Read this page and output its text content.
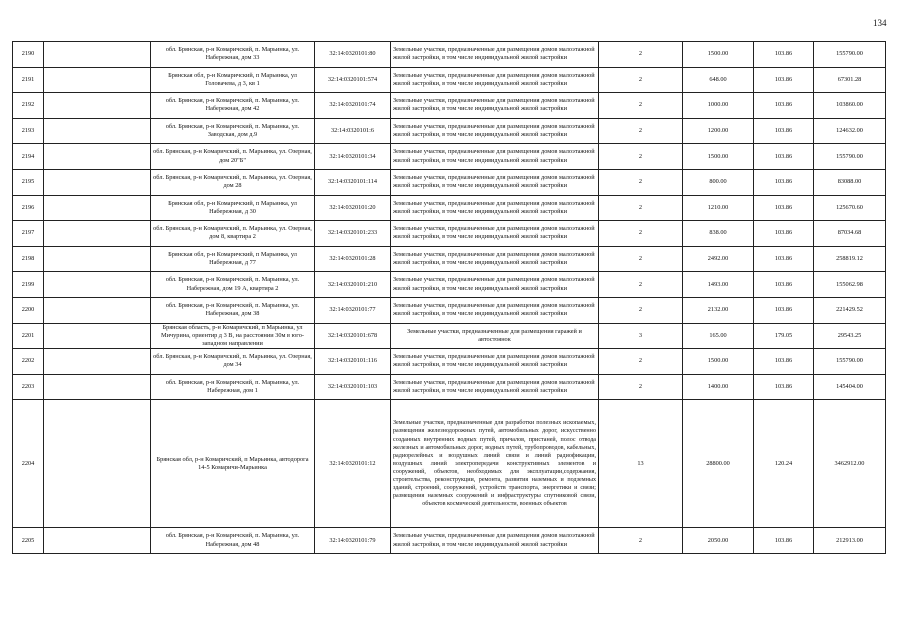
134
2190		обл. Брянская, р-н Комаричский, п. Марьинка, ул. Набережная, дом 33	32:14:0320101:80	Земельные участки, предназначенные для размещения домов малоэтажной жилой застройки, в том числе индивидуальной жилой застройки	2	1500.00	103.86	155790.00
2191		Брянская обл, р-н Комаричский, п Марьинка, ул Головачева, д 3, кв 1	32:14:0320101:574	Земельные участки, предназначенные для размещения домов малоэтажной жилой застройки, в том числе индивидуальной жилой застройки	2	648.00	103.86	67301.28
2192		обл. Брянская, р-н Комаричский, п. Марьинка, ул. Набережная, дом 42	32:14:0320101:74	Земельные участки, предназначенные для размещения домов малоэтажной жилой застройки, в том числе индивидуальной жилой застройки	2	1000.00	103.86	103860.00
2193		обл. Брянская, р-н Комаричский, п. Марьинка, ул. Заводская, дом д.9	32:14:0320101:6	Земельные участки, предназначенные для размещения домов малоэтажной жилой застройки, в том числе индивидуальной жилой застройки	2	1200.00	103.86	124632.00
2194		обл. Брянская, р-н Комаричский, п. Марьинка, ул. Озерная, дом 20"Б"	32:14:0320101:34	Земельные участки, предназначенные для размещения домов малоэтажной жилой застройки, в том числе индивидуальной жилой застройки	2	1500.00	103.86	155790.00
2195		обл. Брянская, р-н Комаричский, п. Марьинка, ул. Озерная, дом 28	32:14:0320101:114	Земельные участки, предназначенные для размещения домов малоэтажной жилой застройки, в том числе индивидуальной жилой застройки	2	800.00	103.86	83088.00
2196		Брянская обл, р-н Комаричский, п Марьинка, ул Набережная, д 30	32:14:0320101:20	Земельные участки, предназначенные для размещения домов малоэтажной жилой застройки, в том числе индивидуальной жилой застройки	2	1210.00	103.86	125670.60
2197		обл. Брянская, р-н Комаричский, п. Марьинка, ул. Озерная, дом 8, квартира 2	32:14:0320101:233	Земельные участки, предназначенные для размещения домов малоэтажной жилой застройки, в том числе индивидуальной жилой застройки	2	838.00	103.86	87034.68
2198		Брянская обл, р-н Комаричский, п Марьинка, ул Набережная, д 77	32:14:0320101:28	Земельные участки, предназначенные для размещения домов малоэтажной жилой застройки, в том числе индивидуальной жилой застройки	2	2492.00	103.86	258819.12
2199		обл. Брянская, р-н Комаричский, п. Марьинка, ул. Набережная, дом 19 А, квартира 2	32:14:0320101:210	Земельные участки, предназначенные для размещения домов малоэтажной жилой застройки, в том числе индивидуальной жилой застройки	2	1493.00	103.86	155062.98
2200		обл. Брянская, р-н Комаричский, п. Марьинка, ул. Набережная, дом 38	32:14:0320101:77	Земельные участки, предназначенные для размещения домов малоэтажной жилой застройки, в том числе индивидуальной жилой застройки	2	2132.00	103.86	221429.52
2201		Брянская область, р-н Комаричский, п Марьинка, ул Мичурина, ориентир д 3 В, на расстоянии 30м в юго-западном направлении	32:14:0320101:678	Земельные участки, предназначенные для размещения гаражей и автостоянок	3	165.00	179.05	29543.25
2202		обл. Брянская, р-н Комаричский, п. Марьинка, ул. Озерная, дом 34	32:14:0320101:116	Земельные участки, предназначенные для размещения домов малоэтажной жилой застройки, в том числе индивидуальной жилой застройки	2	1500.00	103.86	155790.00
2203		обл. Брянская, р-н Комаричский, п. Марьинка, ул. Набережная, дом 1	32:14:0320101:103	Земельные участки, предназначенные для размещения домов малоэтажной жилой застройки, в том числе индивидуальной жилой застройки	2	1400.00	103.86	145404.00
2204		Брянская обл, р-н Комаричский, п Марьинка, автодорога 14-5 Комаричи-Марьинка	32:14:0320101:12	Земельные участки, предназначенные для разработки полезных ископаемых, размещения железнодорожных путей, автомобильных дорог, искусственно созданных внутренних водных путей, причалов, пристаней, полос отвода железных и автомобильных дорог, водных путей, трубопроводов, кабельных, радиорелейных и воздушных линий связи и линий радиофикации, воздушных линий электропередачи конструктивных элементов и сооружений, объектов, необходимых для эксплуатации,содержания, строительства, реконструкции, ремонта, развития наземных и подземных зданий, строений, сооружений, устройств транспорта, энергетики и связи; размещения наземных сооружений и инфраструктуры спутниковой связи, объектов космической деятельности, военных объектов	13	28800.00	120.24	3462912.00
2205		обл. Брянская, р-н Комаричский, п. Марьинка, ул. Набережная, дом 48	32:14:0320101:79	Земельные участки, предназначенные для размещения домов малоэтажной жилой застройки, в том числе индивидуальной жилой застройки	2	2050.00	103.86	212913.00
